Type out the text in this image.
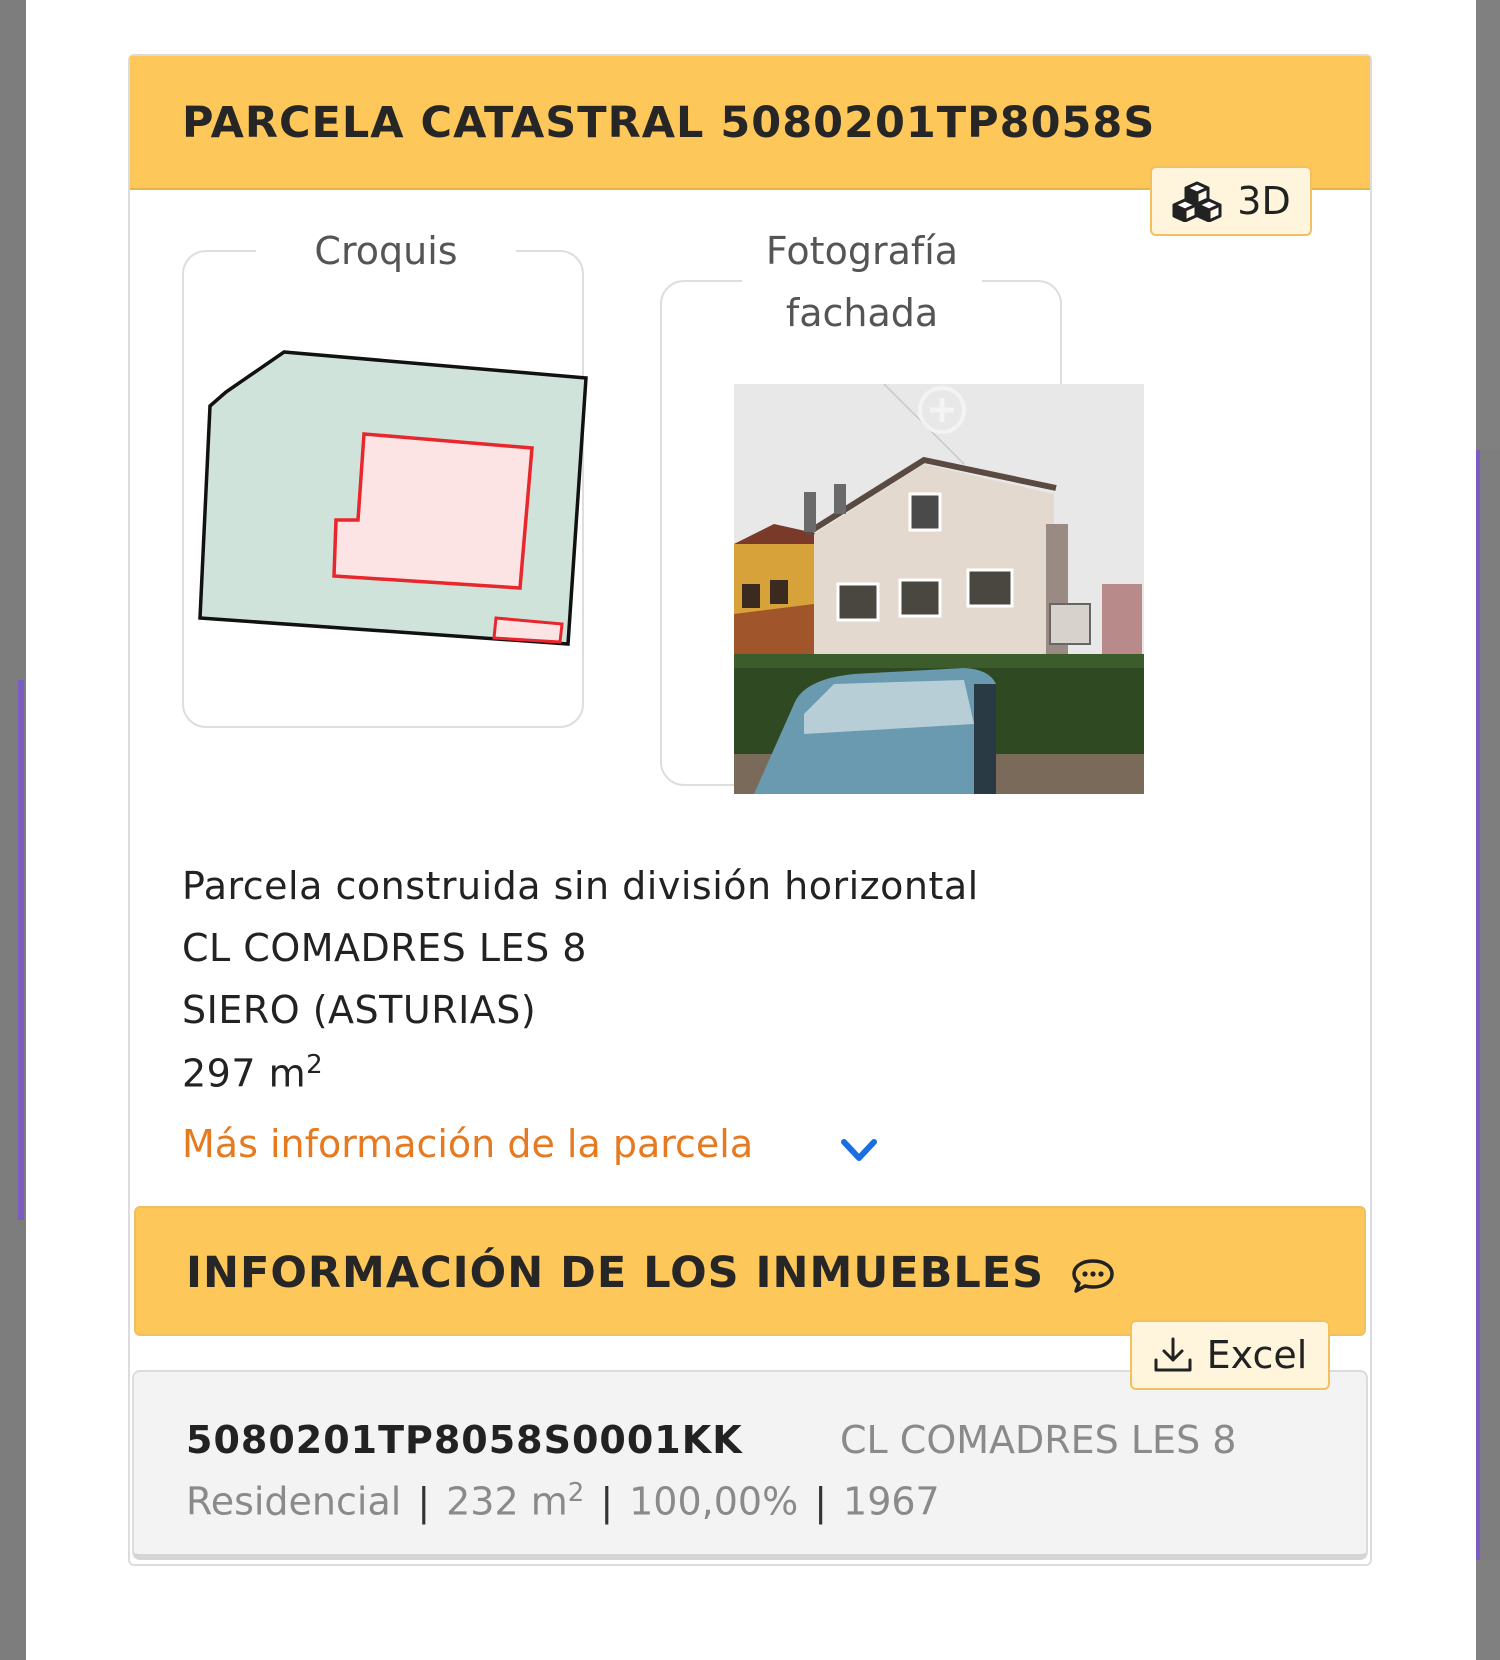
PARCELA CATASTRAL 5080201TP8058S
3D
Croquis	Fotografía
fachada
Parcela construida sin división horizontal
CL COMADRES LES 8
SIERO (ASTURIAS)
297 $m^2$
Más información de la parcela
INFORMACIÓN DE LOS INMUEBLES
5080201TP8058S0001KK	CL COMADRES LES 8
Residencial | 232 $m^2$ | 100,00% | 1967
Excel
